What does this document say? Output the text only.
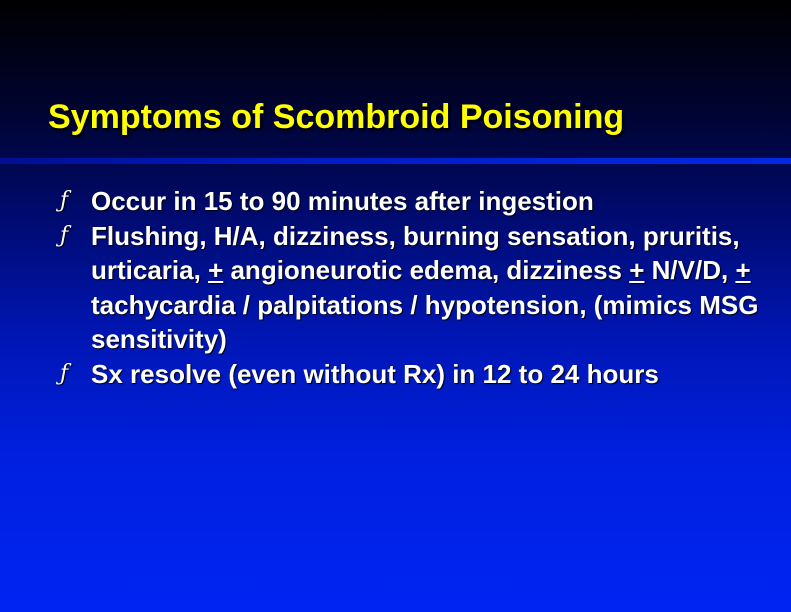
Symptoms of Scombroid Poisoning
ƒ Occur in 15 to 90 minutes after ingestion
ƒ Flushing, H/A, dizziness, burning sensation, pruritis, urticaria, + angioneurotic edema, dizziness + N/V/D, + tachycardia / palpitations / hypotension, (mimics MSG sensitivity)
ƒ Sx resolve (even without Rx) in 12 to 24 hours
